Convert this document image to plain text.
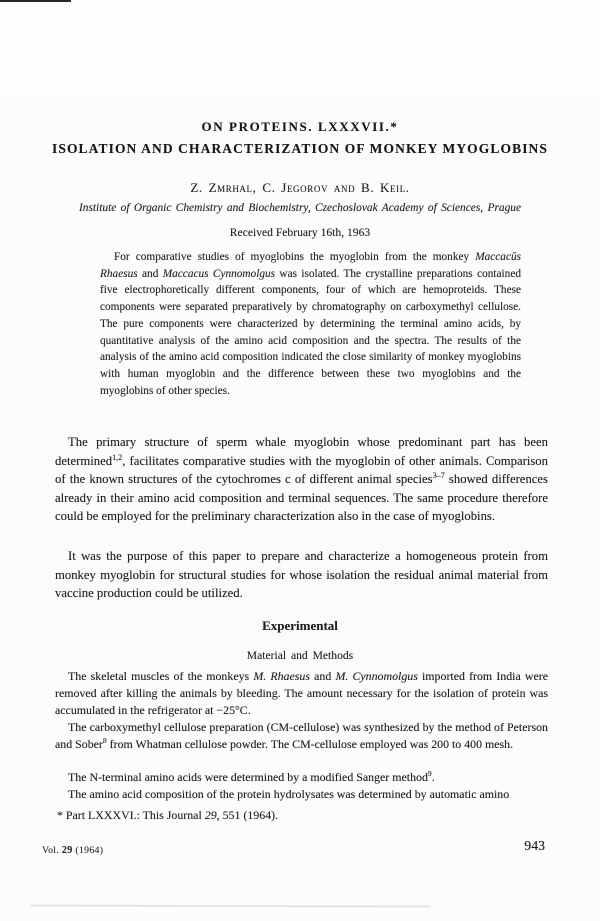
ON PROTEINS. LXXXVII.*
ISOLATION AND CHARACTERIZATION OF MONKEY MYOGLOBINS
Z. Zmrhal, C. Jegorov and B. Keil.
Institute of Organic Chemistry and Biochemistry, Czechoslovak Academy of Sciences, Prague
Received February 16th, 1963
For comparative studies of myoglobins the myoglobin from the monkey Maccacŭs Rhaesus and Maccacus Cynnomolgus was isolated. The crystalline preparations contained five electrophoretically different components, four of which are hemoproteids. These components were separated preparatively by chromatography on carboxymethyl cellulose. The pure components were characterized by determining the terminal amino acids, by quantitative analysis of the amino acid composition and the spectra. The results of the analysis of the amino acid composition indicated the close similarity of monkey myoglobins with human myoglobin and the difference between these two myoglobins and the myoglobins of other species.
The primary structure of sperm whale myoglobin whose predominant part has been determined$^{1,2}$, facilitates comparative studies with the myoglobin of other animals. Comparison of the known structures of the cytochromes c of different animal species$^{3-7}$ showed differences already in their amino acid composition and terminal sequences. The same procedure therefore could be employed for the preliminary characterization also in the case of myoglobins.
It was the purpose of this paper to prepare and characterize a homogeneous protein from monkey myoglobin for structural studies for whose isolation the residual animal material from vaccine production could be utilized.
Experimental
Material and Methods
The skeletal muscles of the monkeys M. Rhaesus and M. Cynnomolgus imported from India were removed after killing the animals by bleeding. The amount necessary for the isolation of protein was accumulated in the refrigerator at −25°C.
The carboxymethyl cellulose preparation (CM-cellulose) was synthesized by the method of Peterson and Sober$^8$ from Whatman cellulose powder. The CM-cellulose employed was 200 to 400 mesh.
The N-terminal amino acids were determined by a modified Sanger method$^9$.
The amino acid composition of the protein hydrolysates was determined by automatic amino
* Part LXXXVI.: This Journal 29, 551 (1964).
Vol. 29 (1964)	943
